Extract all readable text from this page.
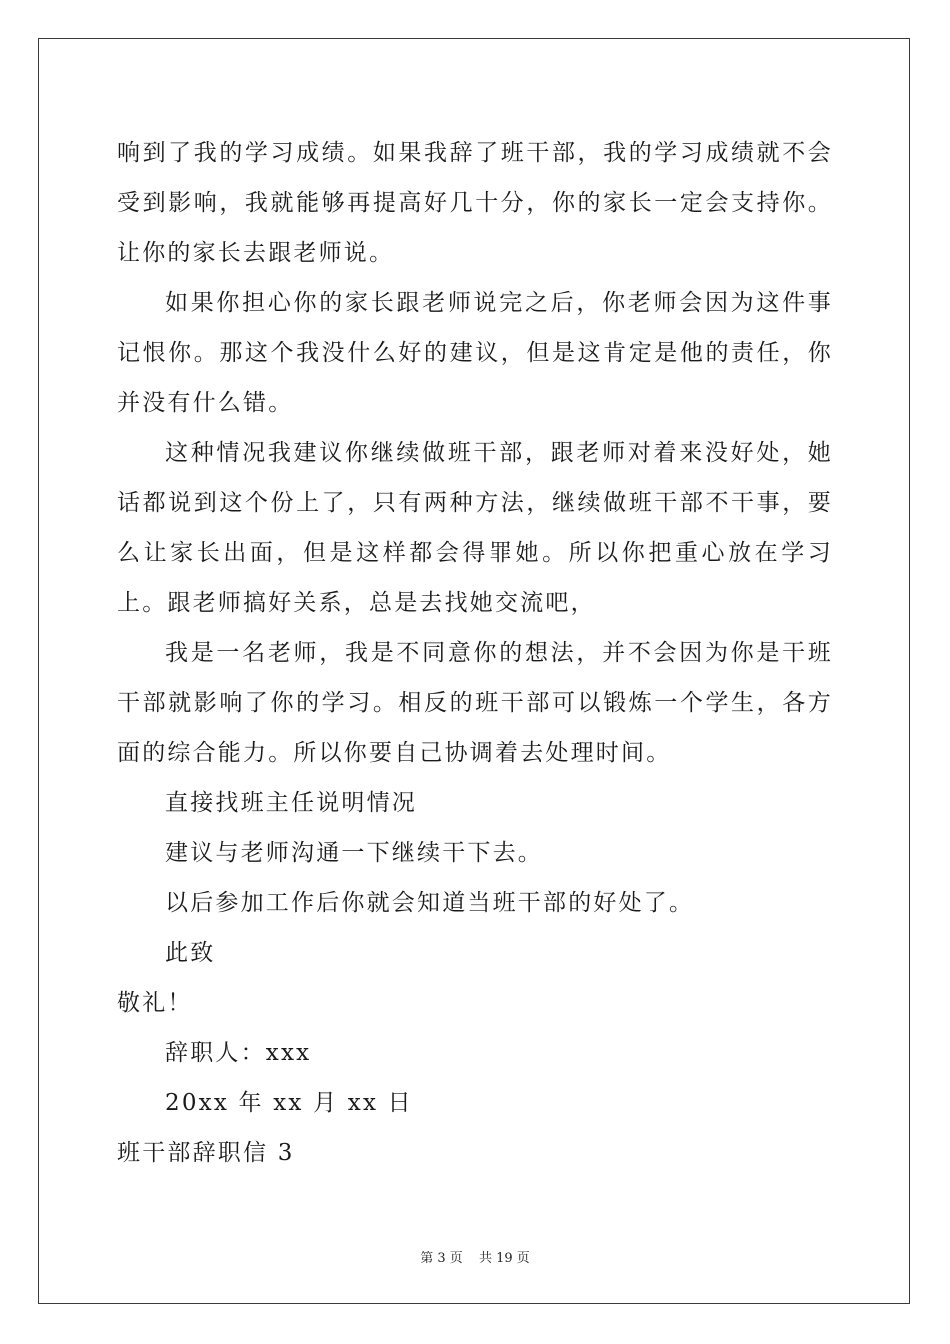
响到了我的学习成绩。如果我辞了班干部，我的学习成绩就不会受到影响，我就能够再提高好几十分，你的家长一定会支持你。让你的家长去跟老师说。

如果你担心你的家长跟老师说完之后，你老师会因为这件事记恨你。那这个我没什么好的建议，但是这肯定是他的责任，你并没有什么错。

这种情况我建议你继续做班干部，跟老师对着来没好处，她话都说到这个份上了，只有两种方法，继续做班干部不干事，要么让家长出面，但是这样都会得罪她。所以你把重心放在学习上。跟老师搞好关系，总是去找她交流吧，

我是一名老师，我是不同意你的想法，并不会因为你是干班干部就影响了你的学习。相反的班干部可以锻炼一个学生，各方面的综合能力。所以你要自己协调着去处理时间。

直接找班主任说明情况

建议与老师沟通一下继续干下去。

以后参加工作后你就会知道当班干部的好处了。

此致

敬礼！

辞职人：xxx

20xx 年 xx 月 xx 日

班干部辞职信 3

第 3 页 共 19 页
